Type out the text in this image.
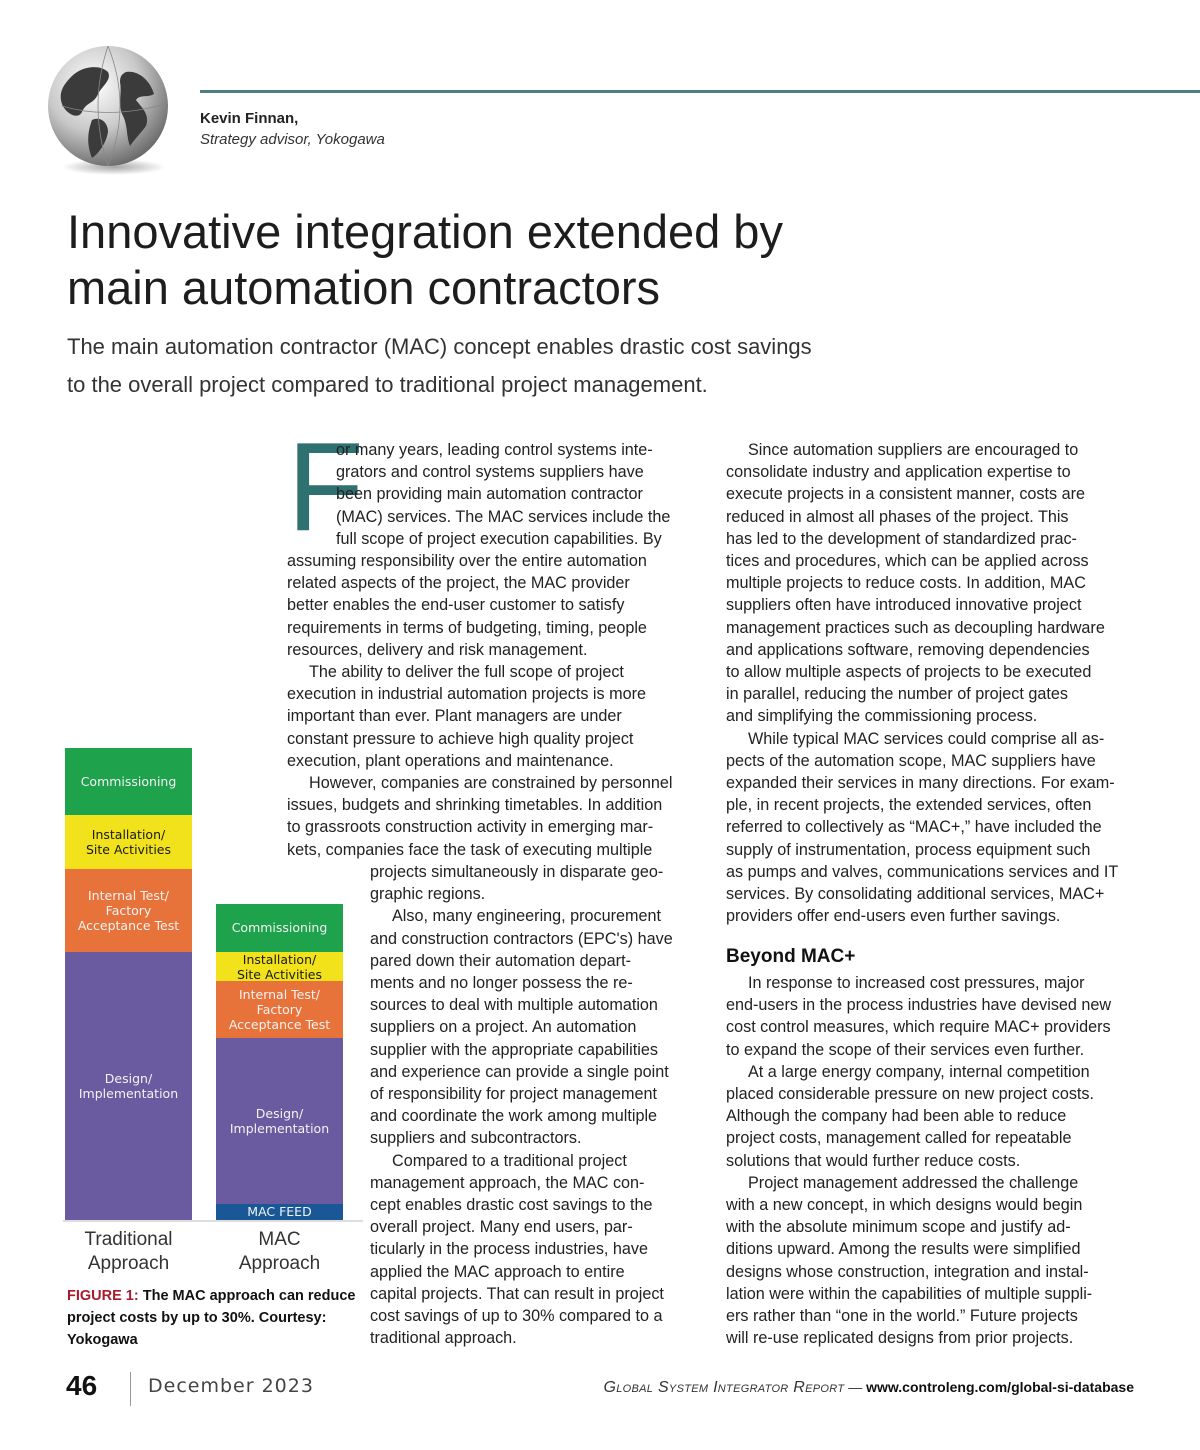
Kevin Finnan,
Strategy advisor, Yokogawa
Innovative integration extended by
main automation contractors
The main automation contractor (MAC) concept enables drastic cost savings
to the overall project compared to traditional project management.
F
or many years, leading control systems inte-
grators and control systems suppliers have
been providing main automation contractor
(MAC) services. The MAC services include the
full scope of project execution capabilities. By
assuming responsibility over the entire automation
related aspects of the project, the MAC provider
better enables the end-user customer to satisfy
requirements in terms of budgeting, timing, people
resources, delivery and risk management.
The ability to deliver the full scope of project
execution in industrial automation projects is more
important than ever. Plant managers are under
constant pressure to achieve high quality project
execution, plant operations and maintenance.
However, companies are constrained by personnel
issues, budgets and shrinking timetables. In addition
to grassroots construction activity in emerging mar-
kets, companies face the task of executing multiple
projects simultaneously in disparate geo-
graphic regions.
Also, many engineering, procurement
and construction contractors (EPC's) have
pared down their automation depart-
ments and no longer possess the re-
sources to deal with multiple automation
suppliers on a project. An automation
supplier with the appropriate capabilities
and experience can provide a single point
of responsibility for project management
and coordinate the work among multiple
suppliers and subcontractors.
Compared to a traditional project
management approach, the MAC con-
cept enables drastic cost savings to the
overall project. Many end users, par-
ticularly in the process industries, have
applied the MAC approach to entire
capital projects. That can result in project
cost savings of up to 30% compared to a
traditional approach.
Since automation suppliers are encouraged to
consolidate industry and application expertise to
execute projects in a consistent manner, costs are
reduced in almost all phases of the project. This
has led to the development of standardized prac-
tices and procedures, which can be applied across
multiple projects to reduce costs. In addition, MAC
suppliers often have introduced innovative project
management practices such as decoupling hardware
and applications software, removing dependencies
to allow multiple aspects of projects to be executed
in parallel, reducing the number of project gates
and simplifying the commissioning process.
While typical MAC services could comprise all as-
pects of the automation scope, MAC suppliers have
expanded their services in many directions. For exam-
ple, in recent projects, the extended services, often
referred to collectively as “MAC+,” have included the
supply of instrumentation, process equipment such
as pumps and valves, communications services and IT
services. By consolidating additional services, MAC+
providers offer end-users even further savings.
Beyond MAC+
In response to increased cost pressures, major
end-users in the process industries have devised new
cost control measures, which require MAC+ providers
to expand the scope of their services even further.
At a large energy company, internal competition
placed considerable pressure on new project costs.
Although the company had been able to reduce
project costs, management called for repeatable
solutions that would further reduce costs.
Project management addressed the challenge
with a new concept, in which designs would begin
with the absolute minimum scope and justify ad-
ditions upward. Among the results were simplified
designs whose construction, integration and instal-
lation were within the capabilities of multiple suppli-
ers rather than “one in the world.” Future projects
will re-use replicated designs from prior projects.
Design/
Implementation
Internal Test/
Factory
Acceptance Test
Installation/
Site Activities
Commissioning
Traditional
Approach
MAC FEED
Design/
Implementation
Internal Test/
Factory
Acceptance Test
Installation/
Site Activities
Commissioning
MAC
Approach
FIGURE 1: The MAC approach can reduce
project costs by up to 30%. Courtesy:
Yokogawa
46	December 2023	Global System Integrator Report — www.controleng.com/global-si-database
